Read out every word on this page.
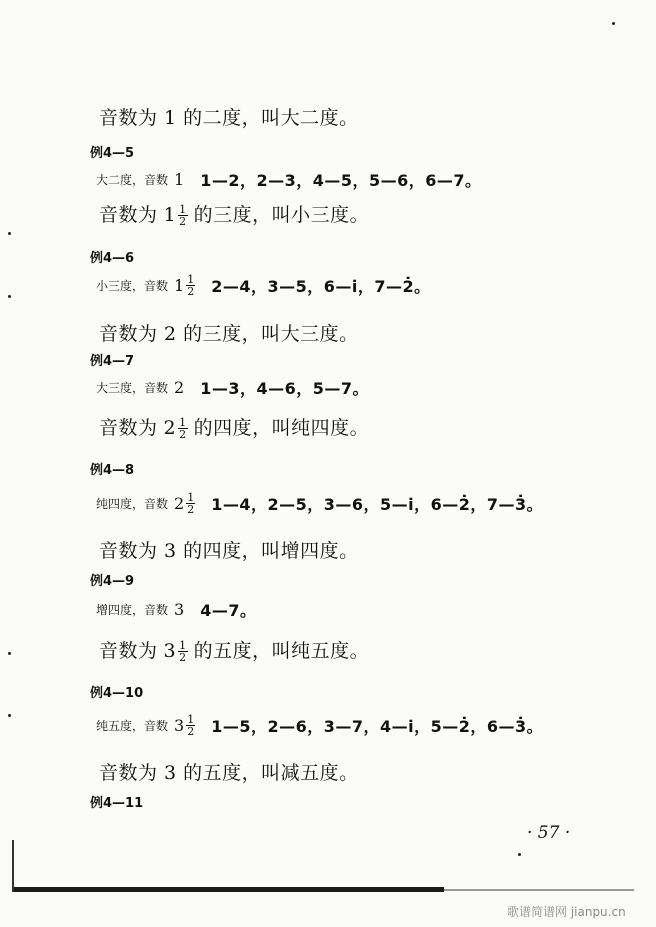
音数为 1 的二度，叫大二度。
例4—5
大二度，音数 1 1—2，2—3，4—5，5—6，6—7。
音数为 $1 \frac{1}{2}$ 的三度，叫小三度。
例4—6
小三度，音数 $1 \frac{1}{2}$ 2—4，3—5，6—i̇，7—2̇。
音数为 2 的三度，叫大三度。
例4—7
大三度，音数 2 1—3，4—6，5—7。
音数为 $2 \frac{1}{2}$ 的四度，叫纯四度。
例4—8
纯四度，音数 $2 \frac{1}{2}$ 1—4，2—5，3—6，5—i̇，6—2̇，7—3̇。
音数为 3 的四度，叫增四度。
例4—9
增四度，音数 3 4—7。
音数为 $3 \frac{1}{2}$ 的五度，叫纯五度。
例4—10
纯五度，音数 $3 \frac{1}{2}$ 1—5，2—6，3—7，4—i̇，5—2̇，6—3̇。
音数为 3 的五度，叫减五度。
例4—11
· 57 ·
歌谱简谱网 jianpu.cn
